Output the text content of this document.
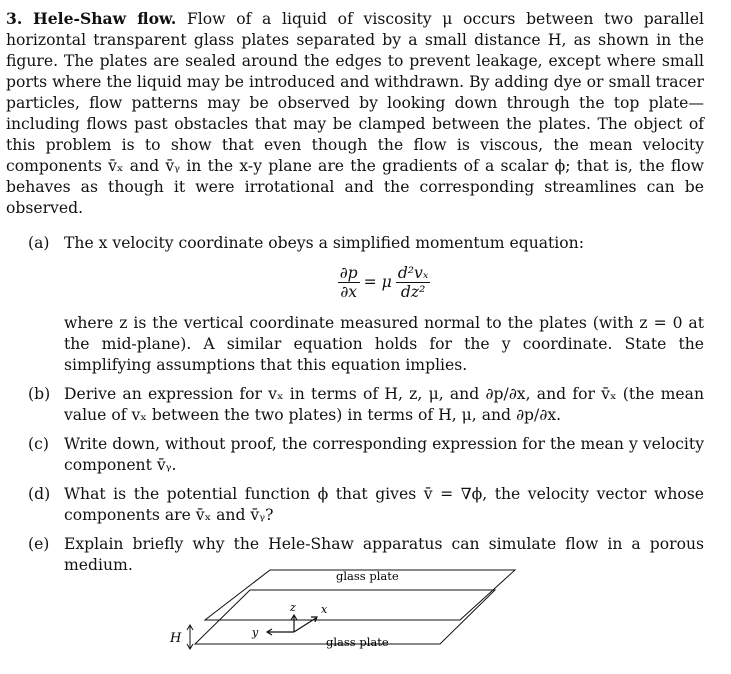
3. Hele-Shaw flow. Flow of a liquid of viscosity μ occurs between two parallel horizontal transparent glass plates separated by a small distance H, as shown in the figure. The plates are sealed around the edges to prevent leakage, except where small ports where the liquid may be introduced and withdrawn. By adding dye or small tracer particles, flow patterns may be observed by looking down through the top plate—including flows past obstacles that may be clamped between the plates. The object of this problem is to show that even though the flow is viscous, the mean velocity components v̄ₓ and v̄ᵧ in the x-y plane are the gradients of a scalar ϕ; that is, the flow behaves as though it were irrotational and the corresponding streamlines can be observed.

(a) The x velocity coordinate obeys a simplified momentum equation:
$\frac{\partial p}{\partial x} = \mu \frac{\text{d²vₓ}}{\text{dz²}}$
where z is the vertical coordinate measured normal to the plates (with z = 0 at the mid-plane). A similar equation holds for the y coordinate. State the simplifying assumptions that this equation implies.
(b) Derive an expression for vₓ in terms of H, z, μ, and ∂p/∂x, and for v̄ₓ (the mean value of vₓ between the two plates) in terms of H, μ, and ∂p/∂x.
(c) Write down, without proof, the corresponding expression for the mean y velocity component v̄ᵧ.
(d) What is the potential function ϕ that gives v̄ = ∇ϕ, the velocity vector whose components are v̄ₓ and v̄ᵧ?
(e) Explain briefly why the Hele-Shaw apparatus can simulate flow in a porous medium.
glass plate
glass plate
H
z x
y
